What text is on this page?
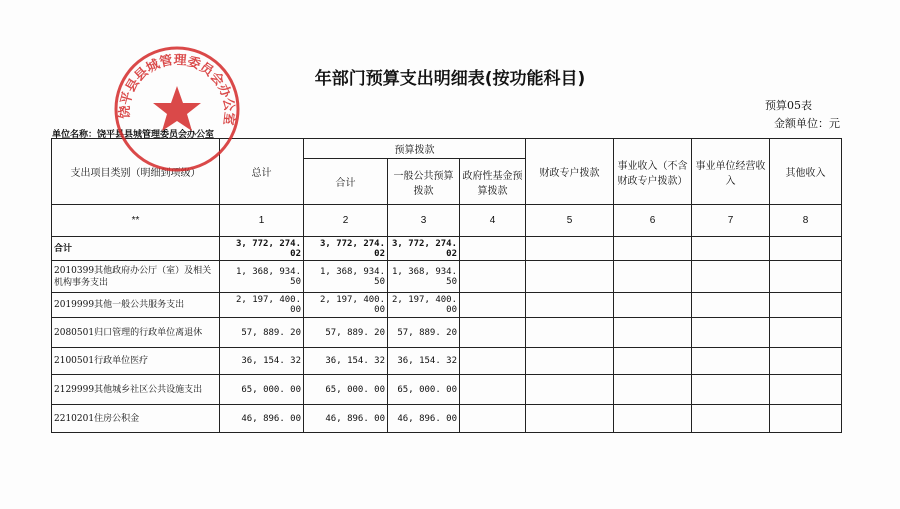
年部门预算支出明细表(按功能科目)
预算05表
金额单位：元
单位名称：饶平县县城管理委员会办公室
支出项目类别（明细到项级）	总计	预算拨款			财政专户拨款	事业收入（不含财政专户拨款）	事业单位经营收入	其他收入
		合计	一般公共预算拨款	政府性基金预算拨款				
**	1	2	3	4	5	6	7	8
合计	3, 772, 274. 02	3, 772, 274. 02	3, 772, 274. 02					
2010399其他政府办公厅（室）及相关机构事务支出	1, 368, 934. 50	1, 368, 934. 50	1, 368, 934. 50					
2019999其他一般公共服务支出	2, 197, 400. 00	2, 197, 400. 00	2, 197, 400. 00					
2080501归口管理的行政单位离退休	57, 889. 20	57, 889. 20	57, 889. 20					
2100501行政单位医疗	36, 154. 32	36, 154. 32	36, 154. 32					
2129999其他城乡社区公共设施支出	65, 000. 00	65, 000. 00	65, 000. 00					
2210201住房公积金	46, 896. 00	46, 896. 00	46, 896. 00					
饶平县县城管理委员会办公室
